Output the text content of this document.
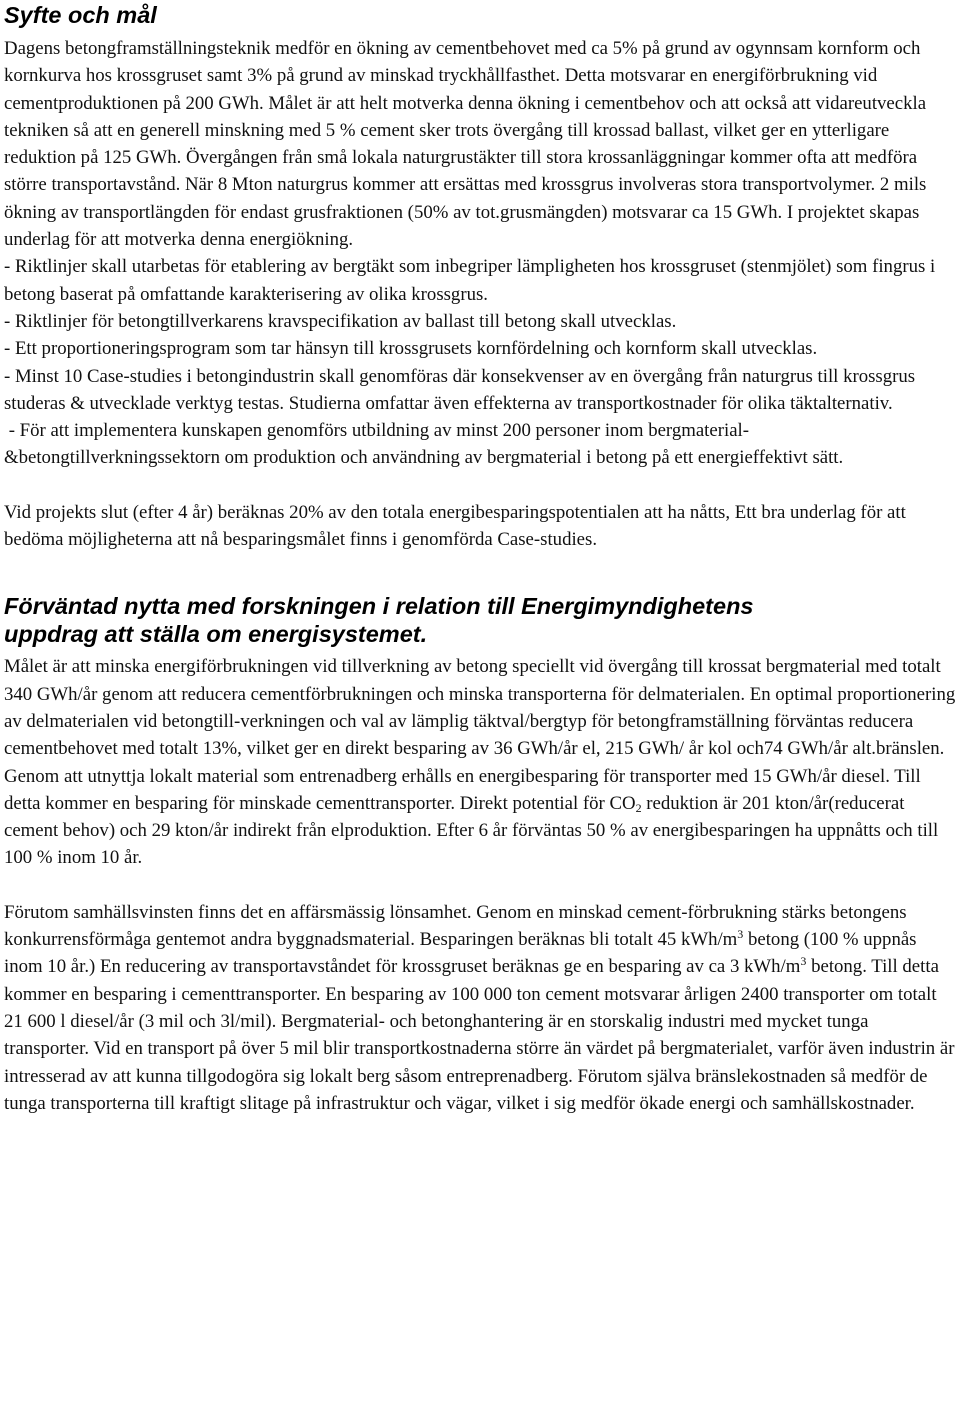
Syfte och mål

Dagens betongframställningsteknik medför en ökning av cementbehovet med ca 5% på grund av ogynnsam kornform och kornkurva hos krossgruset samt 3% på grund av minskad tryckhållfasthet. Detta motsvarar en energiförbrukning vid cementproduktionen på 200 GWh. Målet är att helt motverka denna ökning i cementbehov och att också att vidareutveckla tekniken så att en generell minskning med 5 % cement sker trots övergång till krossad ballast, vilket ger en ytterligare reduktion på 125 GWh. Övergången från små lokala naturgrustäkter till stora krossanläggningar kommer ofta att medföra större transportavstånd. När 8 Mton naturgrus kommer att ersättas med krossgrus involveras stora transportvolymer. 2 mils ökning av transportlängden för endast grusfraktionen (50% av tot.grusmängden) motsvarar ca 15 GWh. I projektet skapas underlag för att motverka denna energiökning.

- Riktlinjer skall utarbetas för etablering av bergtäkt som inbegriper lämpligheten hos krossgruset (stenmjölet) som fingrus i betong baserat på omfattande karakterisering av olika krossgrus.

- Riktlinjer för betongtillverkarens kravspecifikation av ballast till betong skall utvecklas.

- Ett proportioneringsprogram som tar hänsyn till krossgrusets kornfördelning och kornform skall utvecklas.

- Minst 10 Case-studies i betongindustrin skall genomföras där konsekvenser av en övergång från naturgrus till krossgrus studeras & utvecklade verktyg testas. Studierna omfattar även effekterna av transportkostnader för olika täktalternativ.

- För att implementera kunskapen genomförs utbildning av minst 200 personer inom bergmaterial-&betongtillverkningssektorn om produktion och användning av bergmaterial i betong på ett energieffektivt sätt.

Vid projekts slut (efter 4 år) beräknas 20% av den totala energibesparingspotentialen att ha nåtts, Ett bra underlag för att bedöma möjligheterna att nå besparingsmålet finns i genomförda Case-studies.

Förväntad nytta med forskningen i relation till Energimyndighetens
uppdrag att ställa om energisystemet.

Målet är att minska energiförbrukningen vid tillverkning av betong speciellt vid övergång till krossat bergmaterial med totalt 340 GWh/år genom att reducera cementförbrukningen och minska transporterna för delmaterialen. En optimal proportionering av delmaterialen vid betongtill-verkningen och val av lämplig täktval/bergtyp för betongframställning förväntas reducera cementbehovet med totalt 13%, vilket ger en direkt besparing av 36 GWh/år el, 215 GWh/ år kol och74 GWh/år alt.bränslen. Genom att utnyttja lokalt material som entrenadberg erhålls en energibesparing för transporter med 15 GWh/år diesel. Till detta kommer en besparing för minskade cementtransporter. Direkt potential för $CO_2$ reduktion är 201 kton/år(reducerat cement behov) och 29 kton/år indirekt från elproduktion. Efter 6 år förväntas 50 % av energibesparingen ha uppnåtts och till 100 % inom 10 år.

Förutom samhällsvinsten finns det en affärsmässig lönsamhet. Genom en minskad cement-förbrukning stärks betongens konkurrensförmåga gentemot andra byggnadsmaterial. Besparingen beräknas bli totalt 45 kWh/$m^3$ betong (100 % uppnås inom 10 år.) En reducering av transportavståndet för krossgruset beräknas ge en besparing av ca 3 kWh/$m^3$ betong. Till detta kommer en besparing i cementtransporter. En besparing av 100 000 ton cement motsvarar årligen 2400 transporter om totalt 21 600 l diesel/år (3 mil och 3l/mil). Bergmaterial- och betonghantering är en storskalig industri med mycket tunga transporter. Vid en transport på över 5 mil blir transportkostnaderna större än värdet på bergmaterialet, varför även industrin är intresserad av att kunna tillgodogöra sig lokalt berg såsom entreprenadberg. Förutom själva bränslekostnaden så medför de tunga transporterna till kraftigt slitage på infrastruktur och vägar, vilket i sig medför ökade energi och samhällskostnader.
